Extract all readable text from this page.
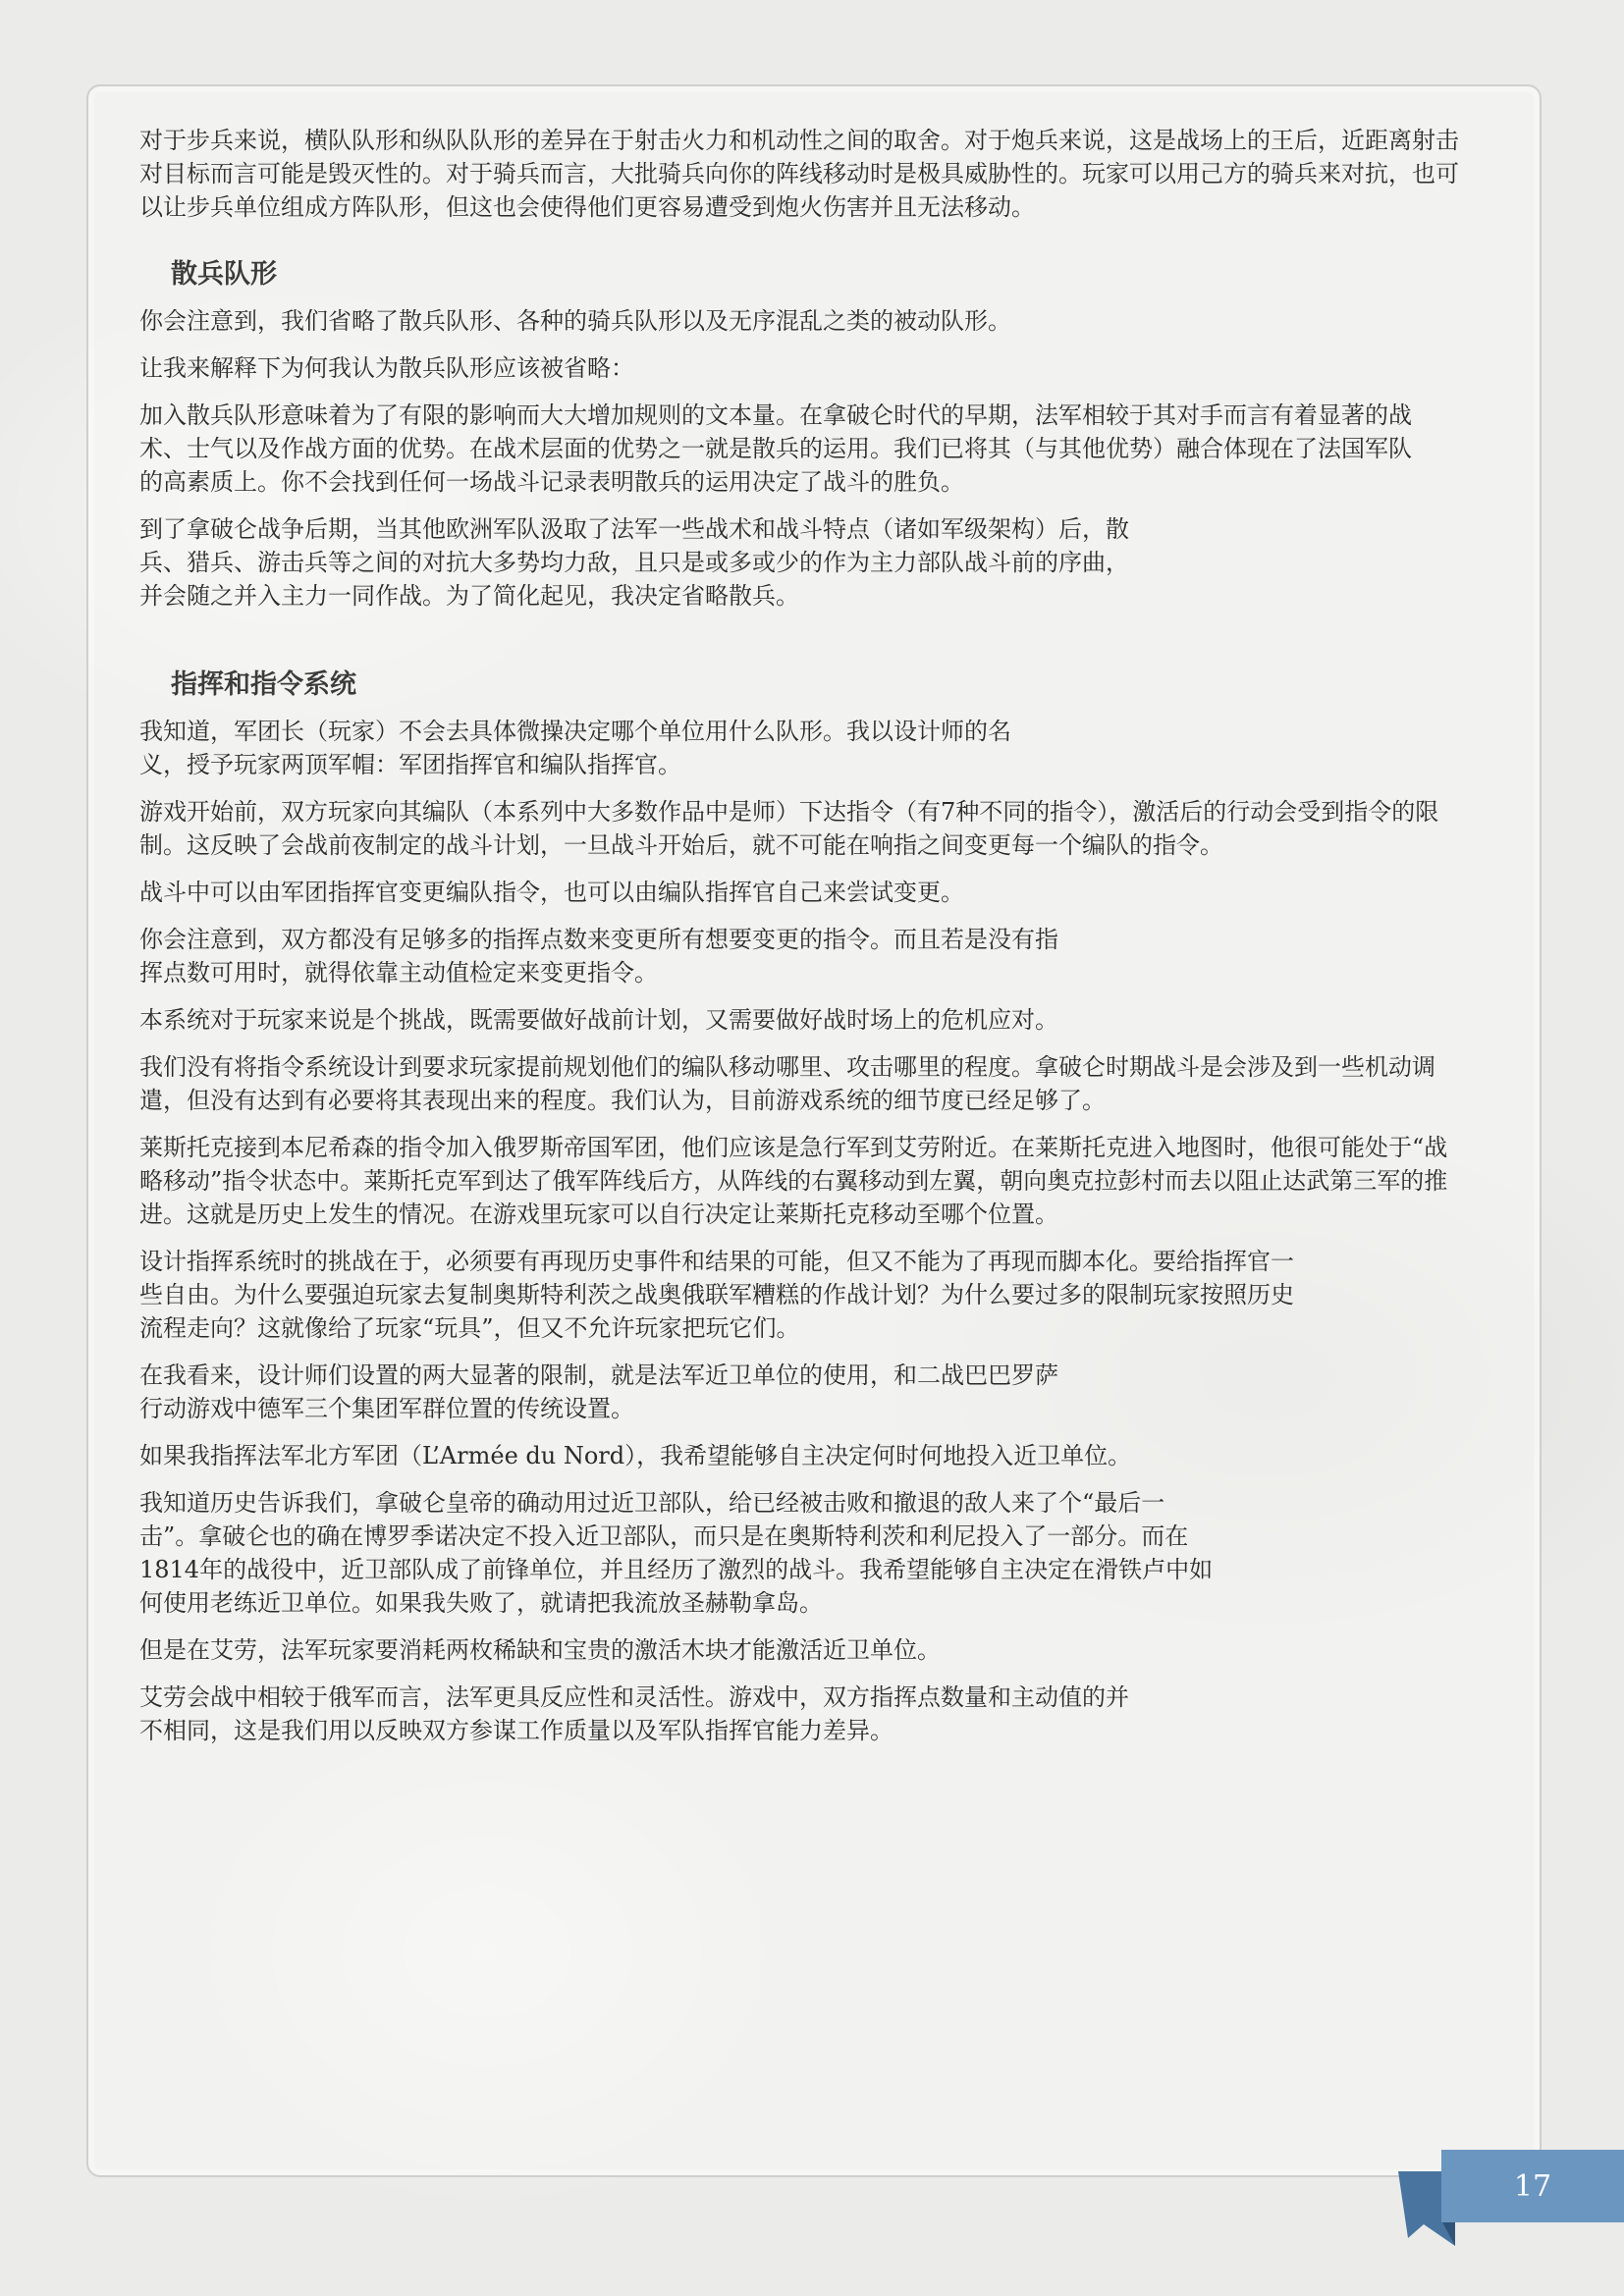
对于步兵来说，横队队形和纵队队形的差异在于射击火力和机动性之间的取舍。对于炮兵来说，这是战场上的王后，近距离射击对目标而言可能是毁灭性的。对于骑兵而言，大批骑兵向你的阵线移动时是极具威胁性的。玩家可以用己方的骑兵来对抗，也可以让步兵单位组成方阵队形，但这也会使得他们更容易遭受到炮火伤害并且无法移动。

散兵队形

你会注意到，我们省略了散兵队形、各种的骑兵队形以及无序混乱之类的被动队形。

让我来解释下为何我认为散兵队形应该被省略：

加入散兵队形意味着为了有限的影响而大大增加规则的文本量。在拿破仑时代的早期，法军相较于其对手而言有着显著的战术、士气以及作战方面的优势。在战术层面的优势之一就是散兵的运用。我们已将其（与其他优势）融合体现在了法国军队的高素质上。你不会找到任何一场战斗记录表明散兵的运用决定了战斗的胜负。

到了拿破仑战争后期，当其他欧洲军队汲取了法军一些战术和战斗特点（诸如军级架构）后，散兵、猎兵、游击兵等之间的对抗大多势均力敌，且只是或多或少的作为主力部队战斗前的序曲，并会随之并入主力一同作战。为了简化起见，我决定省略散兵。

指挥和指令系统

我知道，军团长（玩家）不会去具体微操决定哪个单位用什么队形。我以设计师的名义，授予玩家两顶军帽：军团指挥官和编队指挥官。

游戏开始前，双方玩家向其编队（本系列中大多数作品中是师）下达指令（有7种不同的指令），激活后的行动会受到指令的限制。这反映了会战前夜制定的战斗计划，一旦战斗开始后，就不可能在响指之间变更每一个编队的指令。

战斗中可以由军团指挥官变更编队指令，也可以由编队指挥官自己来尝试变更。

你会注意到，双方都没有足够多的指挥点数来变更所有想要变更的指令。而且若是没有指挥点数可用时，就得依靠主动值检定来变更指令。

本系统对于玩家来说是个挑战，既需要做好战前计划，又需要做好战时场上的危机应对。

我们没有将指令系统设计到要求玩家提前规划他们的编队移动哪里、攻击哪里的程度。拿破仑时期战斗是会涉及到一些机动调遣，但没有达到有必要将其表现出来的程度。我们认为，目前游戏系统的细节度已经足够了。

莱斯托克接到本尼希森的指令加入俄罗斯帝国军团，他们应该是急行军到艾劳附近。在莱斯托克进入地图时，他很可能处于“战略移动”指令状态中。莱斯托克军到达了俄军阵线后方，从阵线的右翼移动到左翼，朝向奥克拉彭村而去以阻止达武第三军的推进。这就是历史上发生的情况。在游戏里玩家可以自行决定让莱斯托克移动至哪个位置。

设计指挥系统时的挑战在于，必须要有再现历史事件和结果的可能，但又不能为了再现而脚本化。要给指挥官一些自由。为什么要强迫玩家去复制奥斯特利茨之战奥俄联军糟糕的作战计划？为什么要过多的限制玩家按照历史流程走向？这就像给了玩家“玩具”，但又不允许玩家把玩它们。

在我看来，设计师们设置的两大显著的限制，就是法军近卫单位的使用，和二战巴巴罗萨行动游戏中德军三个集团军群位置的传统设置。

如果我指挥法军北方军团（L’Armée du Nord），我希望能够自主决定何时何地投入近卫单位。

我知道历史告诉我们，拿破仑皇帝的确动用过近卫部队，给已经被击败和撤退的敌人来了个“最后一击”。拿破仑也的确在博罗季诺决定不投入近卫部队，而只是在奥斯特利茨和利尼投入了一部分。而在1814年的战役中，近卫部队成了前锋单位，并且经历了激烈的战斗。我希望能够自主决定在滑铁卢中如何使用老练近卫单位。如果我失败了，就请把我流放圣赫勒拿岛。

但是在艾劳，法军玩家要消耗两枚稀缺和宝贵的激活木块才能激活近卫单位。

艾劳会战中相较于俄军而言，法军更具反应性和灵活性。游戏中，双方指挥点数量和主动值的并不相同，这是我们用以反映双方参谋工作质量以及军队指挥官能力差异。

17
